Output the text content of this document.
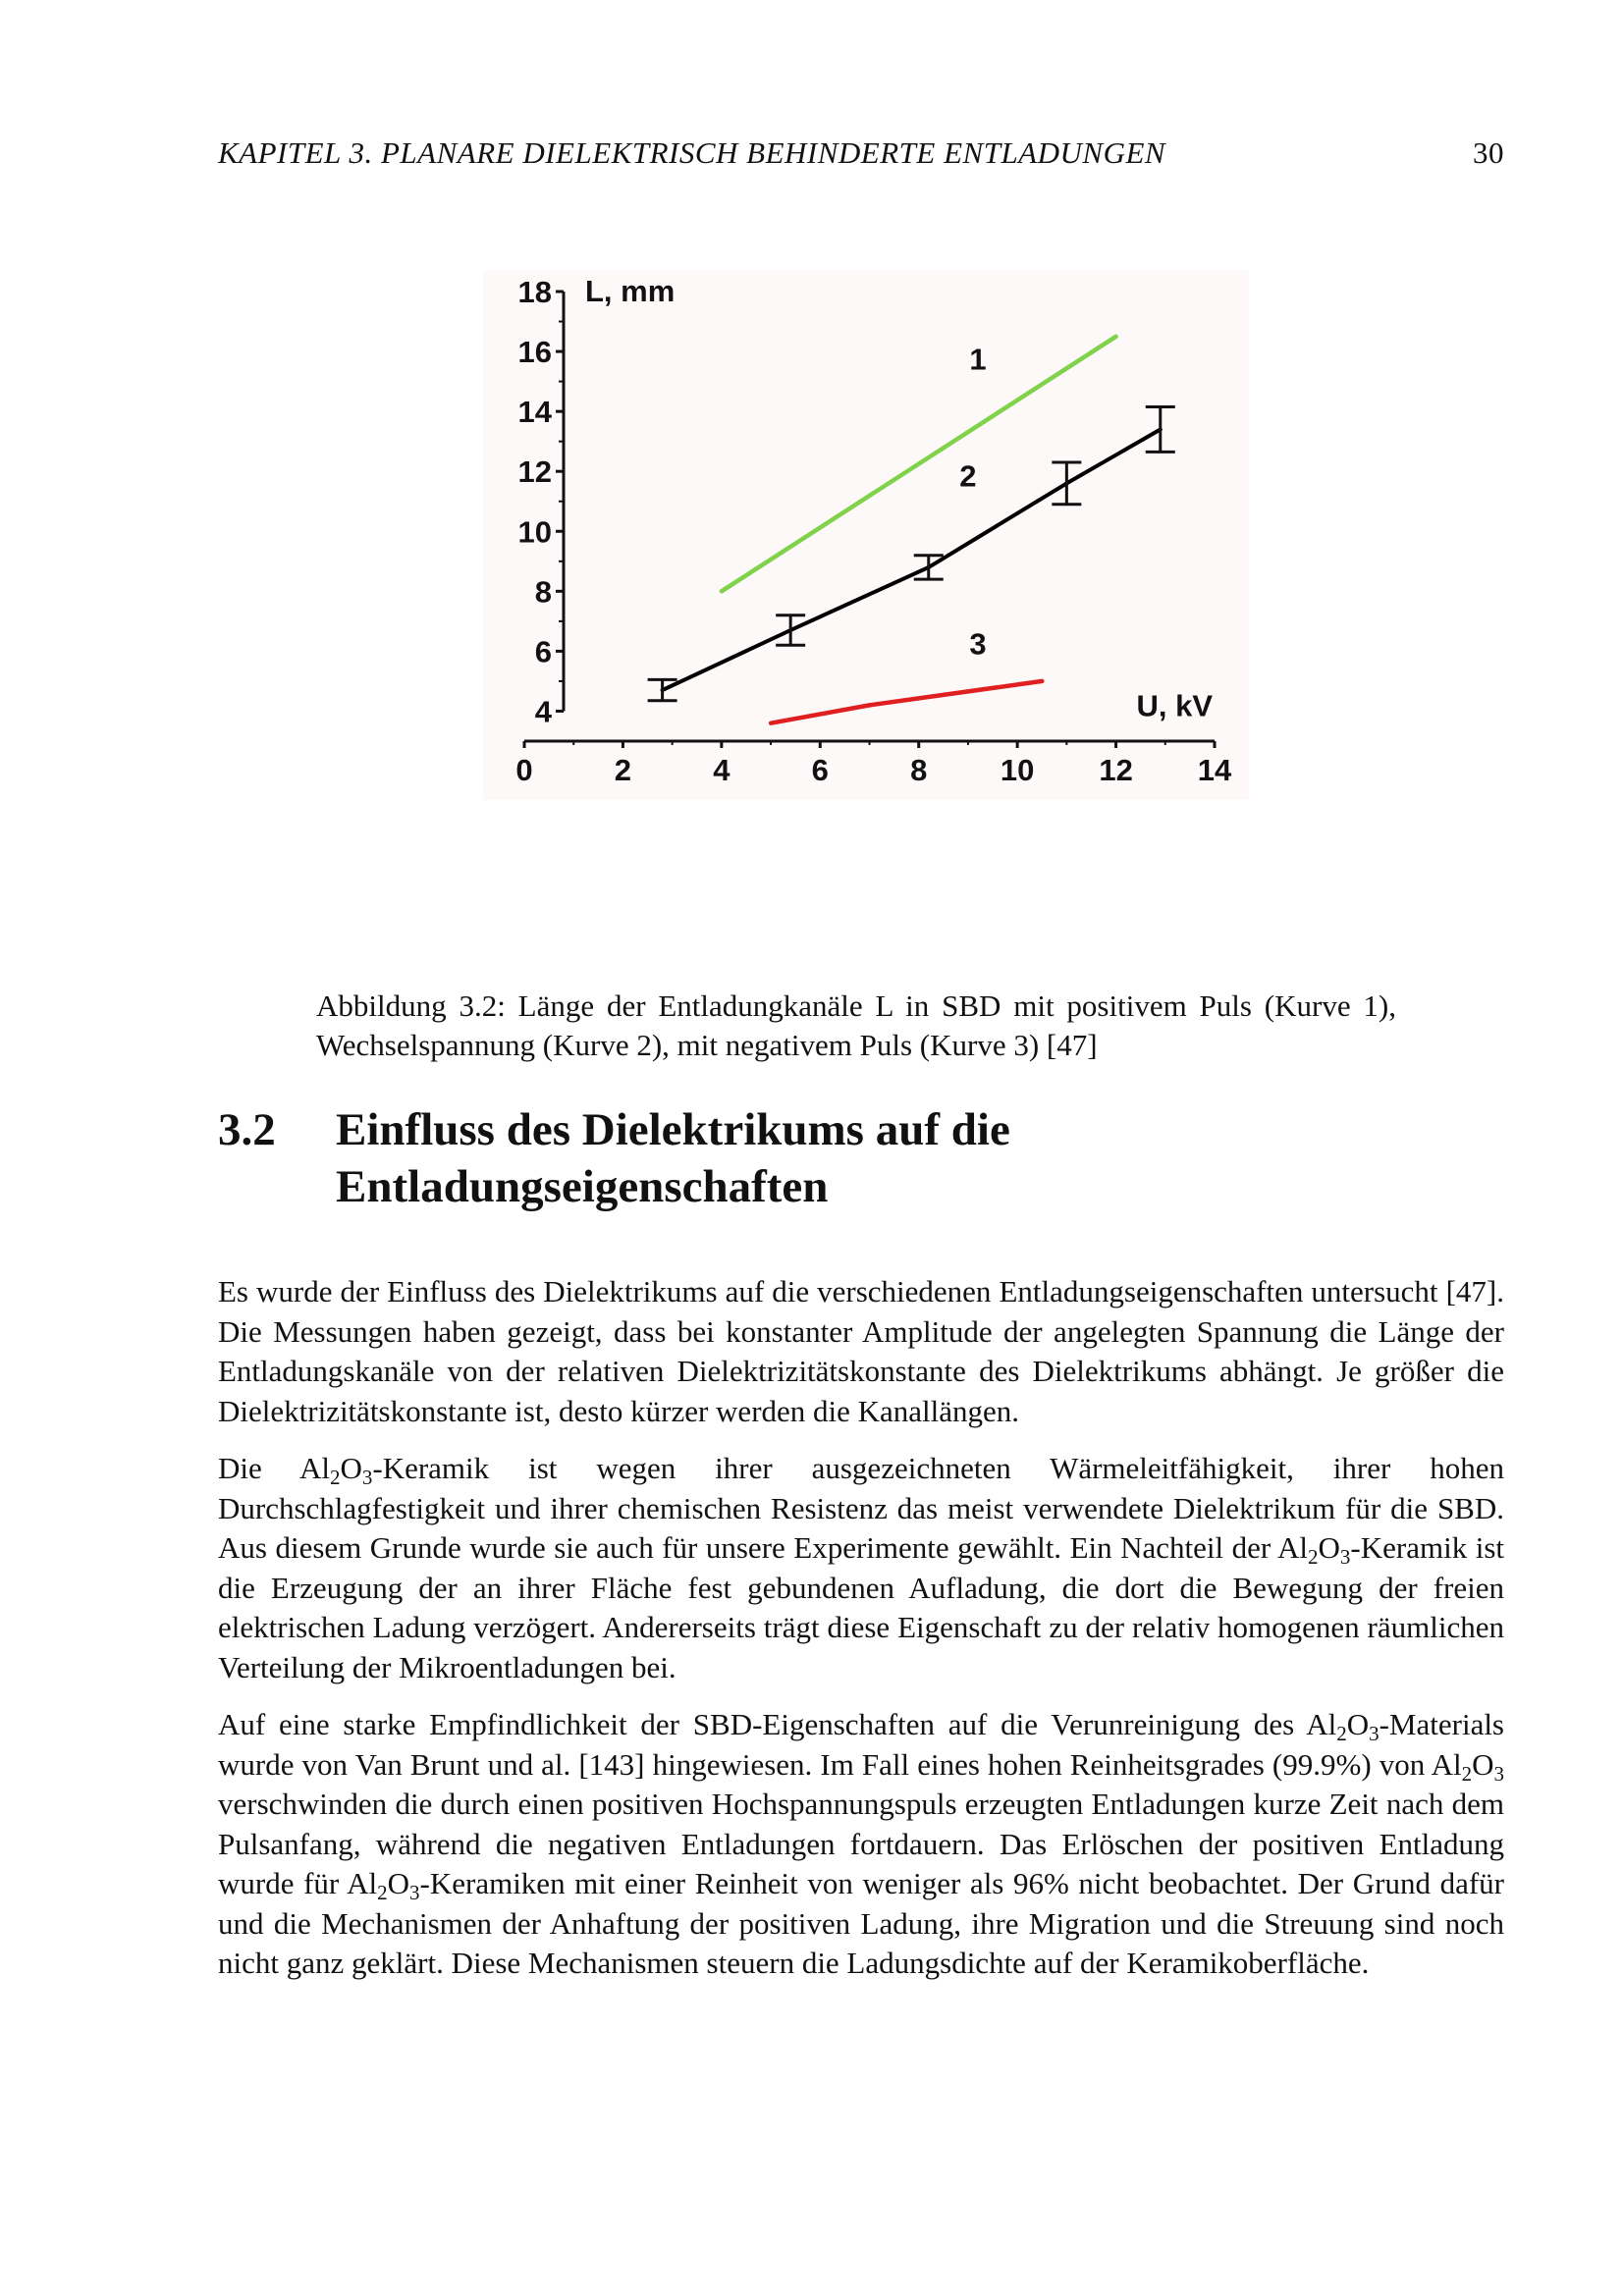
KAPITEL 3. PLANARE DIELEKTRISCH BEHINDERTE ENTLADUNGEN	30
4
6
8
10
12
14
16
18
0	2	4	6	8 10 12 14
L, mm
U, kV
1
2
3
Abbildung 3.2: Länge der Entladungkanäle L in SBD mit positivem Puls (Kurve 1), Wechselspannung (Kurve 2), mit negativem Puls (Kurve 3) [47]
3.2 Einfluss des Dielektrikums auf die Entladungseigenschaften

Es wurde der Einfluss des Dielektrikums auf die verschiedenen Entladungseigenschaften untersucht [47]. Die Messungen haben gezeigt, dass bei konstanter Amplitude der angelegten Spannung die Länge der Entladungskanäle von der relativen Dielektrizitätskonstante des Dielektrikums abhängt. Je größer die Dielektrizitätskonstante ist, desto kürzer werden die Kanallängen.

Die $Al_2O_3$-Keramik ist wegen ihrer ausgezeichneten Wärmeleitfähigkeit, ihrer hohen Durchschlagfestigkeit und ihrer chemischen Resistenz das meist verwendete Dielektrikum für die SBD. Aus diesem Grunde wurde sie auch für unsere Experimente gewählt. Ein Nachteil der $Al_2O_3$-Keramik ist die Erzeugung der an ihrer Fläche fest gebundenen Aufladung, die dort die Bewegung der freien elektrischen Ladung verzögert. Andererseits trägt diese Eigenschaft zu der relativ homogenen räumlichen Verteilung der Mikroentladungen bei.

Auf eine starke Empfindlichkeit der SBD-Eigenschaften auf die Verunreinigung des $Al_2O_3$-Materials wurde von Van Brunt und al. [143] hingewiesen. Im Fall eines hohen Reinheitsgrades (99.9%) von $Al_2O_3$ verschwinden die durch einen positiven Hochspannungspuls erzeugten Entladungen kurze Zeit nach dem Pulsanfang, während die negativen Entladungen fortdauern. Das Erlöschen der positiven Entladung wurde für $Al_2O_3$-Keramiken mit einer Reinheit von weniger als 96% nicht beobachtet. Der Grund dafür und die Mechanismen der Anhaftung der positiven Ladung, ihre Migration und die Streuung sind noch nicht ganz geklärt. Diese Mechanismen steuern die Ladungsdichte auf der Keramikoberfläche.
